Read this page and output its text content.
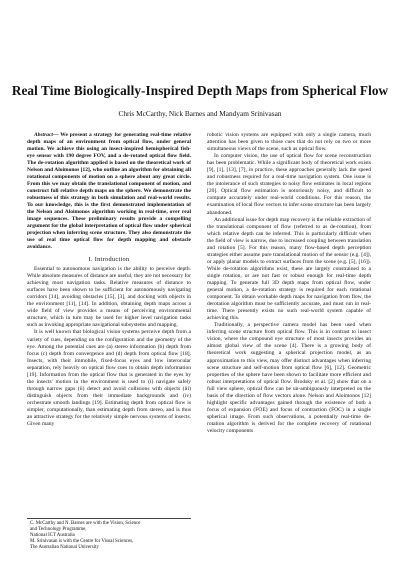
Real Time Biologically-Inspired Depth Maps from Spherical Flow
Chris McCarthy, Nick Barnes and Mandyam Srinivasan

Abstract— We present a strategy for generating real-time relative depth maps of an environment from optical flow, under general motion. We achieve this using an insect-inspired hemispherical fish-eye sensor with 190 degree FOV, and a de-rotated optical flow field. The de-rotation algorithm applied is based on the theoretical work of Nelson and Aloimonos [12], who outline an algorithm for obtaining all rotational components of motion on a sphere about any great circle. From this we may obtain the translational component of motion, and construct full relative depth maps on the sphere. We demonstrate the robustness of this strategy in both simulation and real-world results. To our knowledge, this is the first demonstrated implementation of the Nelson and Aloimonos algorithm working in real-time, over real image sequences. These preliminary results provide a compelling argument for the global interpretation of optical flow under spherical projection when inferring scene structure. They also demonstrate the use of real time optical flow for depth mapping and obstacle avoidance.

I. Introduction

Essential to autonomous navigation is the ability to perceive depth. While absolute measures of distance are useful, they are not necessary for achieving most navigation tasks. Relative measures of distance to surfaces have been shown to be sufficient for autonomously navigating corridors [14], avoiding obstacles [15], [3], and docking with objects in the environment [11], [14]. In addition, obtaining depth maps across a wide field of view provides a means of perceiving environmental structure, which in turn may be used for higher level navigation tasks such as invoking appropriate navigational subsystems and mapping.

It is well known that biological vision systems perceive depth from a variety of cues, depending on the configuration and the geometry of the eye. Among the potential cues are (a) stereo information (b) depth from focus (c) depth from convergence and (d) depth from optical flow [18]. Insects, with their immobile, fixed-focus eyes and low interocular separation, rely heavily on optical flow cues to obtain depth information [19]. Information from the optical flow that is generated in the eyes by the insects' motion in the environment is used to (i) navigate safely through narrow gaps (ii) detect and avoid collisions with objects (iii) distinguish objects from their immediate backgrounds and (iv) orchestrate smooth landings [19]. Estimating depth from optical flow is simpler, computationally, than estimating depth from stereo, and is thus an attractive strategy for the relatively simple nervous systems of insects. Given many

C. McCarthy and N. Barnes are with the Vision, Science
and Technology Programme,
National ICT Australia
M. Srinivasan is with the Centre for Visual Sciences,
The Australian National University

robotic vision systems are equipped with only a single camera, much attention has been given to those cues that do not rely on two or more simultaneous views of the scene, such as optical flow.

In computer vision, the use of optical flow for scene reconstruction has been problematic. While a significant body of theoretical work exists [9], [1], [13], [7], in practice, these approaches generally lack the speed and robustness required for a real-time navigation system. One issue is the intolerance of such strategies to noisy flow estimates in local regions [20]. Optical flow estimation is notoriously noisy, and difficult to compute accurately under real-world conditions. For this reason, the examination of local flow vectors to infer scene structure has been largely abandoned.

An additional issue for depth map recovery is the reliable extraction of the translational component of flow (referred to as de-rotation), from which relative depth can be inferred. This is particularly difficult when the field of view is narrow, due to increased coupling between translation and rotation [5]. For this reason, many flow-based depth perception strategies either assume pure translational motion of the sensor (e.g. [4]), or apply planar models to extract surfaces from the scene (e.g. [5], [16]). While de-rotation algorithms exist, these are largely constrained to a single rotation, or are not fast or robust enough for real-time depth mapping. To generate full 3D depth maps from optical flow, under general motion, a de-rotation strategy is required for each rotational component. To obtain workable depth maps for navigation from flow, the derotation algorithm must be sufficiently accurate, and must run in real-time. There presently exists no such real-world system capable of achieving this.

Traditionally, a perspective camera model has been used when inferring scene structure from optical flow. This is in contrast to insect vision, where the compound eye structure of most insects provides an almost global view of the scene [4]. There is a growing body of theoretical work suggesting a spherical projection model, as an approximation to this view, may offer distinct advantages when inferring scene structure and self-motion from optical flow [6], [12]. Geometric properties of the sphere have been shown to facilitate more efficient and robust interpretations of optical flow. Brodsky et al. [2] show that on a full view sphere, optical flow can be un-ambiguously interpreted on the basis of the direction of flow vectors alone. Nelson and Aloimonos [12] highlight specific advantages gained through the existence of both a focus of expansion (FOE) and focus of contraction (FOC) in a single spherical image. From such observations, a potentially real-time de-rotation algorithm is derived for the complete recovery of rotational velocity components
